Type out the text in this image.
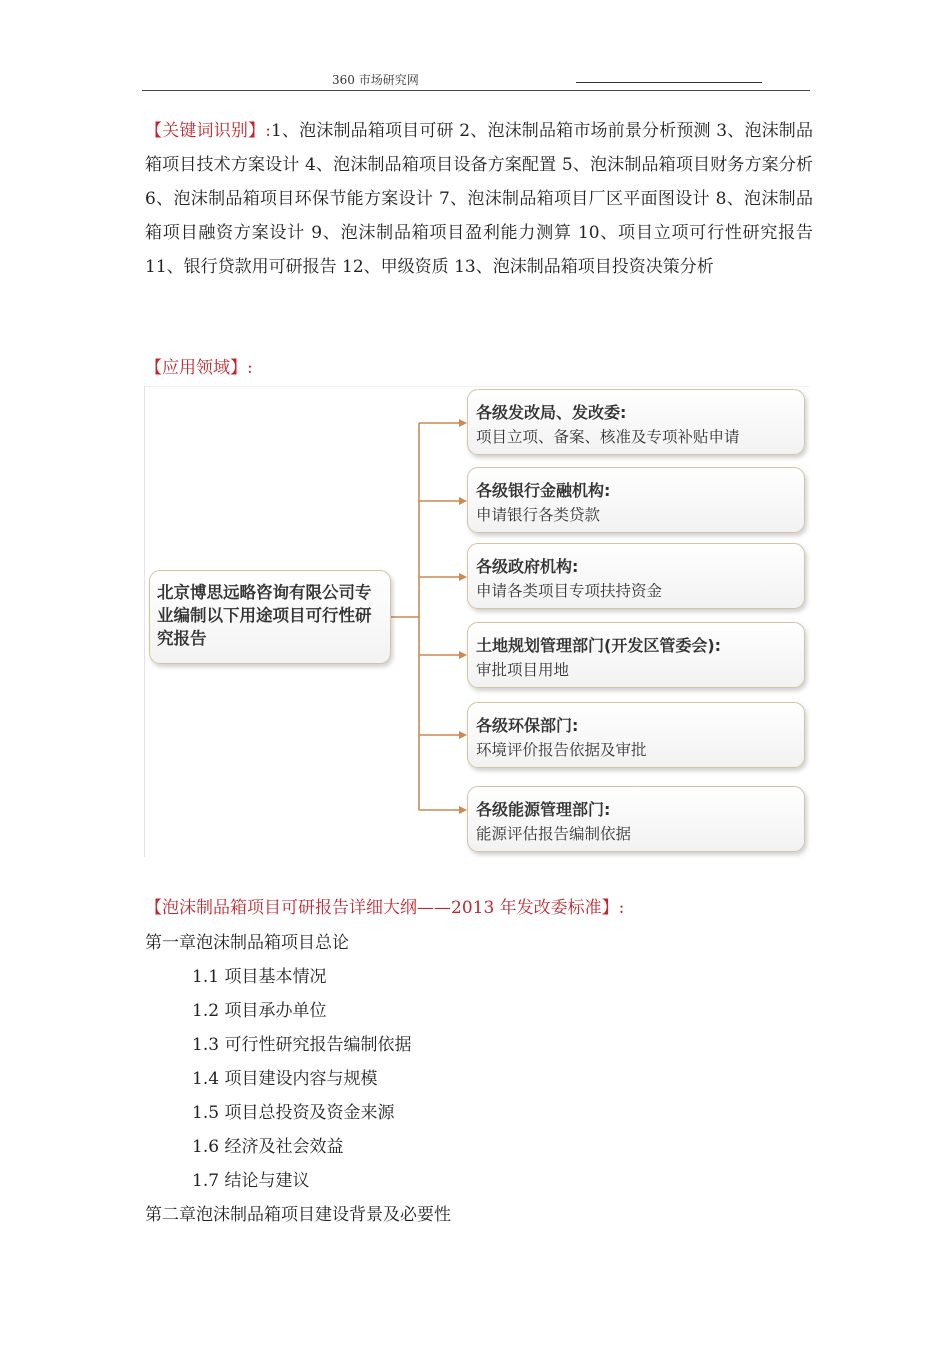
360 市场研究网
【关键词识别】:1、泡沫制品箱项目可研 2、泡沫制品箱市场前景分析预测 3、泡沫制品箱项目技术方案设计 4、泡沫制品箱项目设备方案配置 5、泡沫制品箱项目财务方案分析 6、泡沫制品箱项目环保节能方案设计 7、泡沫制品箱项目厂区平面图设计 8、泡沫制品箱项目融资方案设计 9、泡沫制品箱项目盈利能力测算 10、项目立项可行性研究报告 11、银行贷款用可研报告 12、甲级资质 13、泡沫制品箱项目投资决策分析
【应用领域】:
北京博思远略咨询有限公司专业编制以下用途项目可行性研究报告
各级发改局、发改委:
项目立项、备案、核准及专项补贴申请
各级银行金融机构:
申请银行各类贷款
各级政府机构:
申请各类项目专项扶持资金
土地规划管理部门(开发区管委会):
审批项目用地
各级环保部门:
环境评价报告依据及审批
各级能源管理部门:
能源评估报告编制依据
【泡沫制品箱项目可研报告详细大纲——2013 年发改委标准】:
第一章泡沫制品箱项目总论
1.1 项目基本情况
1.2 项目承办单位
1.3 可行性研究报告编制依据
1.4 项目建设内容与规模
1.5 项目总投资及资金来源
1.6 经济及社会效益
1.7 结论与建议
第二章泡沫制品箱项目建设背景及必要性
